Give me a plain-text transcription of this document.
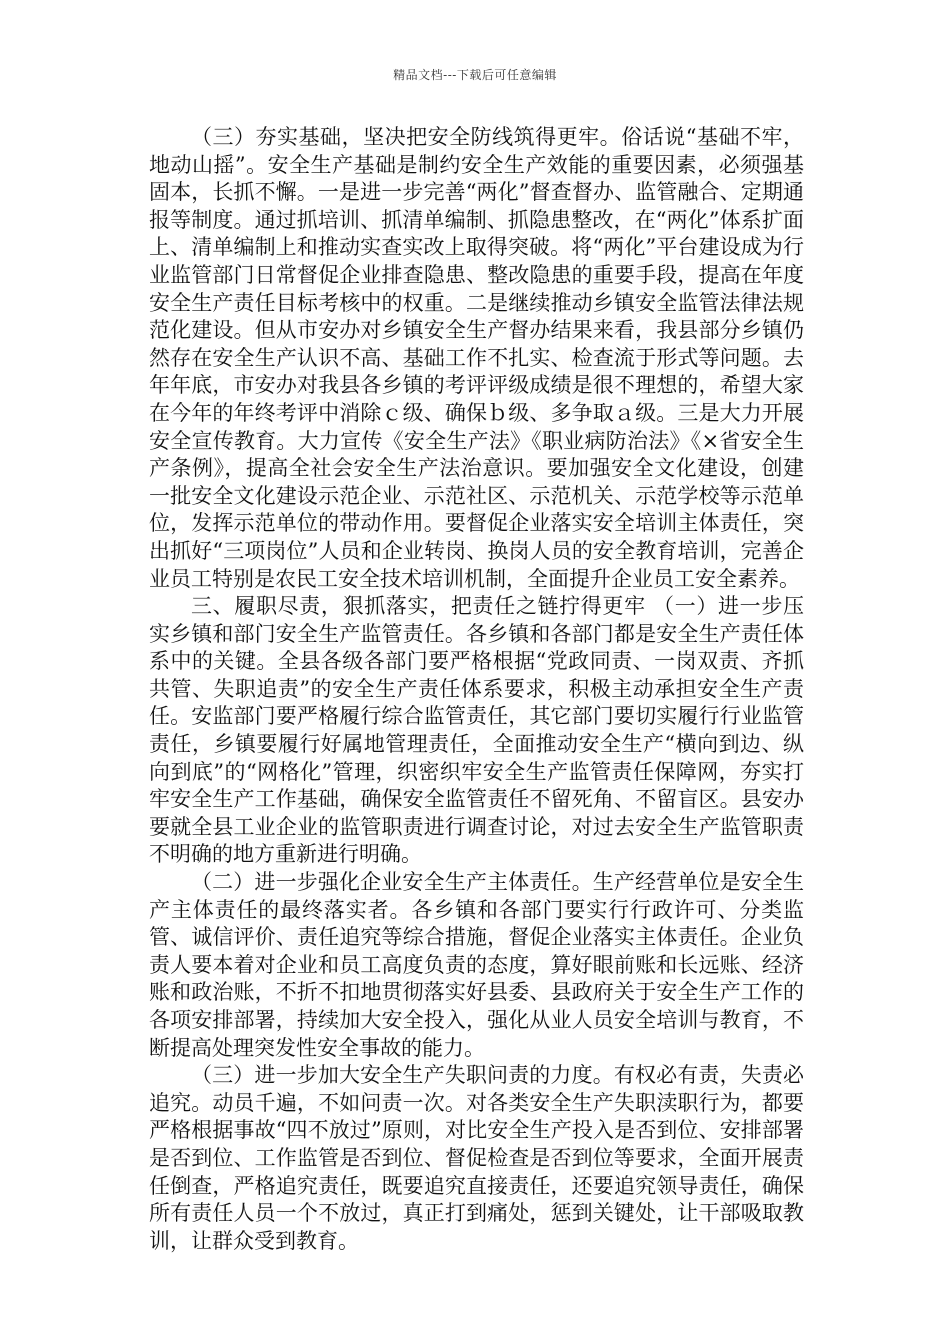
精品文档---下载后可任意编辑

（三）夯实基础，坚决把安全防线筑得更牢。俗话说“基础不牢，地动山摇”。安全生产基础是制约安全生产效能的重要因素，必须强基固本，长抓不懈。一是进一步完善“两化”督查督办、监管融合、定期通报等制度。通过抓培训、抓清单编制、抓隐患整改，在“两化”体系扩面上、清单编制上和推动实查实改上取得突破。将“两化”平台建设成为行业监管部门日常督促企业排查隐患、整改隐患的重要手段，提高在年度安全生产责任目标考核中的权重。二是继续推动乡镇安全监管法律法规范化建设。但从市安办对乡镇安全生产督办结果来看，我县部分乡镇仍然存在安全生产认识不高、基础工作不扎实、检查流于形式等问题。去年年底，市安办对我县各乡镇的考评评级成绩是很不理想的，希望大家在今年的年终考评中消除ｃ级、确保ｂ级、多争取ａ级。三是大力开展安全宣传教育。大力宣传《安全生产法》《职业病防治法》《×省安全生产条例》，提高全社会安全生产法治意识。要加强安全文化建设，创建一批安全文化建设示范企业、示范社区、示范机关、示范学校等示范单位，发挥示范单位的带动作用。要督促企业落实安全培训主体责任，突出抓好“三项岗位”人员和企业转岗、换岗人员的安全教育培训，完善企业员工特别是农民工安全技术培训机制，全面提升企业员工安全素养。

三、履职尽责，狠抓落实，把责任之链拧得更牢 （一）进一步压实乡镇和部门安全生产监管责任。各乡镇和各部门都是安全生产责任体系中的关键。全县各级各部门要严格根据“党政同责、一岗双责、齐抓共管、失职追责”的安全生产责任体系要求，积极主动承担安全生产责任。安监部门要严格履行综合监管责任，其它部门要切实履行行业监管责任，乡镇要履行好属地管理责任，全面推动安全生产“横向到边、纵向到底”的“网格化”管理，织密织牢安全生产监管责任保障网，夯实打牢安全生产工作基础，确保安全监管责任不留死角、不留盲区。县安办要就全县工业企业的监管职责进行调查讨论，对过去安全生产监管职责不明确的地方重新进行明确。

（二）进一步强化企业安全生产主体责任。生产经营单位是安全生产主体责任的最终落实者。各乡镇和各部门要实行行政许可、分类监管、诚信评价、责任追究等综合措施，督促企业落实主体责任。企业负责人要本着对企业和员工高度负责的态度，算好眼前账和长远账、经济账和政治账，不折不扣地贯彻落实好县委、县政府关于安全生产工作的各项安排部署，持续加大安全投入，强化从业人员安全培训与教育，不断提高处理突发性安全事故的能力。

（三）进一步加大安全生产失职问责的力度。有权必有责，失责必追究。动员千遍，不如问责一次。对各类安全生产失职渎职行为，都要严格根据事故“四不放过”原则，对比安全生产投入是否到位、安排部署是否到位、工作监管是否到位、督促检查是否到位等要求，全面开展责任倒查，严格追究责任，既要追究直接责任，还要追究领导责任，确保所有责任人员一个不放过，真正打到痛处，惩到关键处，让干部吸取教训，让群众受到教育。
